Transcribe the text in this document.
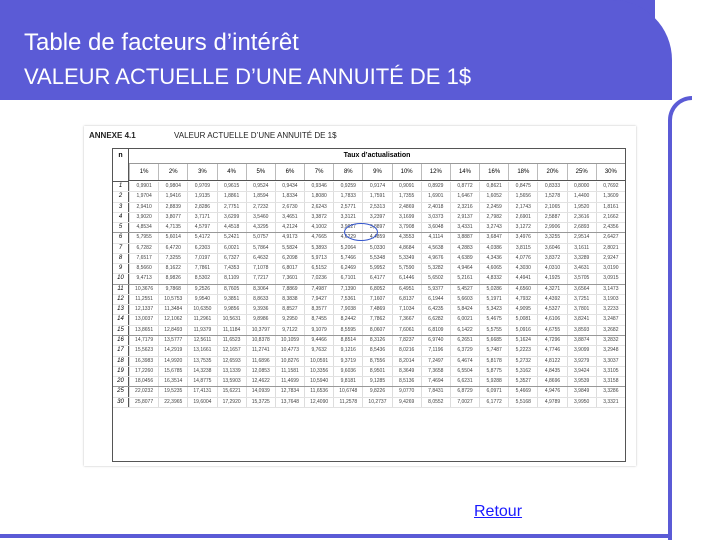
Table de facteurs d’intérêt
VALEUR ACTUELLE D’UNE ANNUITÉ DE 1$
ANNEXE 4.1	VALEUR ACTUELLE D’UNE ANNUITÉ DE 1$
n	Taux d’actualisation
1%	2%	3%	4%	5%	6%	7%	8%	9%	10%	12%	14%	16%	18%	20%	25%	30%
1	0,9901	0,9804	0,9709	0,9615	0,9524	0,9434	0,9346	0,9259	0,9174	0,9091	0,8929	0,8772	0,8621	0,8475	0,8333	0,8000	0,7692
2	1,9704	1,9416	1,9135	1,8861	1,8594	1,8334	1,8080	1,7833	1,7591	1,7355	1,6901	1,6467	1,6052	1,5656	1,5278	1,4400	1,3609
3	2,9410	2,8839	2,8286	2,7751	2,7232	2,6730	2,6243	2,5771	2,5313	2,4869	2,4018	2,3216	2,2459	2,1743	2,1065	1,9520	1,8161
4	3,9020	3,8077	3,7171	3,6299	3,5460	3,4651	3,3872	3,3121	3,2397	3,1699	3,0373	2,9137	2,7982	2,6901	2,5887	2,3616	2,1662
5	4,8534	4,7135	4,5797	4,4518	4,3295	4,2124	4,1002	3,9927	3,8897	3,7908	3,6048	3,4331	3,2743	3,1272	2,9906	2,6893	2,4356
6	5,7955	5,6014	5,4172	5,2421	5,0757	4,9173	4,7665	4,6229	4,4859	4,3553	4,1114	3,8887	3,6847	3,4976	3,3255	2,9514	2,6427
7	6,7282	6,4720	6,2303	6,0021	5,7864	5,5824	5,3893	5,2064	5,0330	4,8684	4,5638	4,2883	4,0386	3,8115	3,6046	3,1611	2,8021
8	7,6517	7,3255	7,0197	6,7327	6,4632	6,2098	5,9713	5,7466	5,5348	5,3349	4,9676	4,6389	4,3436	4,0776	3,8372	3,3289	2,9247
9	8,5660	8,1622	7,7861	7,4353	7,1078	6,8017	6,5152	6,2469	5,9952	5,7590	5,3282	4,9464	4,6065	4,3030	4,0310	3,4631	3,0190
10	9,4713	8,9826	8,5302	8,1109	7,7217	7,3601	7,0236	6,7101	6,4177	6,1446	5,6502	5,2161	4,8332	4,4941	4,1925	3,5705	3,0915
11	10,3676	9,7868	9,2526	8,7605	8,3064	7,8869	7,4987	7,1390	6,8052	6,4951	5,9377	5,4527	5,0286	4,6560	4,3271	3,6564	3,1473
12	11,2551	10,5753	9,9540	9,3851	8,8633	8,3838	7,9427	7,5361	7,1607	6,8137	6,1944	5,6603	5,1971	4,7932	4,4392	3,7251	3,1903
13	12,1337	11,3484	10,6350	9,9856	9,3936	8,8527	8,3577	7,9038	7,4869	7,1034	6,4235	5,8424	5,3423	4,9095	4,5327	3,7801	3,2233
14	13,0037	12,1062	11,2961	10,5631	9,8986	9,2950	8,7455	8,2442	7,7862	7,3667	6,6282	6,0021	5,4675	5,0081	4,6106	3,8241	3,2487
15	13,8651	12,8493	11,9379	11,1184	10,3797	9,7122	9,1079	8,5595	8,0607	7,6061	6,8109	6,1422	5,5755	5,0916	4,6755	3,8593	3,2682
16	14,7179	13,5777	12,5611	11,6523	10,8378	10,1059	9,4466	8,8514	8,3126	7,8237	6,9740	6,2651	5,6685	5,1624	4,7296	3,8874	3,2832
17	15,5623	14,2919	13,1661	12,1657	11,2741	10,4773	9,7632	9,1216	8,5436	8,0216	7,1196	6,3729	5,7487	5,2223	4,7746	3,9099	3,2948
18	16,3983	14,9920	13,7535	12,6593	11,6896	10,8276	10,0591	9,3719	8,7556	8,2014	7,2497	6,4674	5,8178	5,2732	4,8122	3,9279	3,3037
19	17,2260	15,6785	14,3238	13,1339	12,0853	11,1581	10,3356	9,6036	8,9501	8,3649	7,3658	6,5504	5,8775	5,3162	4,8435	3,9424	3,3105
20	18,0456	16,3514	14,8775	13,5903	12,4622	11,4699	10,5940	9,8181	9,1285	8,5136	7,4694	6,6231	5,9288	5,3527	4,8696	3,9539	3,3158
25	22,0232	19,5235	17,4131	15,6221	14,0939	12,7834	11,6536	10,6748	9,8226	9,0770	7,8431	6,8729	6,0971	5,4669	4,9476	3,9849	3,3286
30	25,8077	22,3965	19,6004	17,2920	15,3725	13,7648	12,4090	11,2578	10,2737	9,4269	8,0552	7,0027	6,1772	5,5168	4,9789	3,9950	3,3321
Retour
